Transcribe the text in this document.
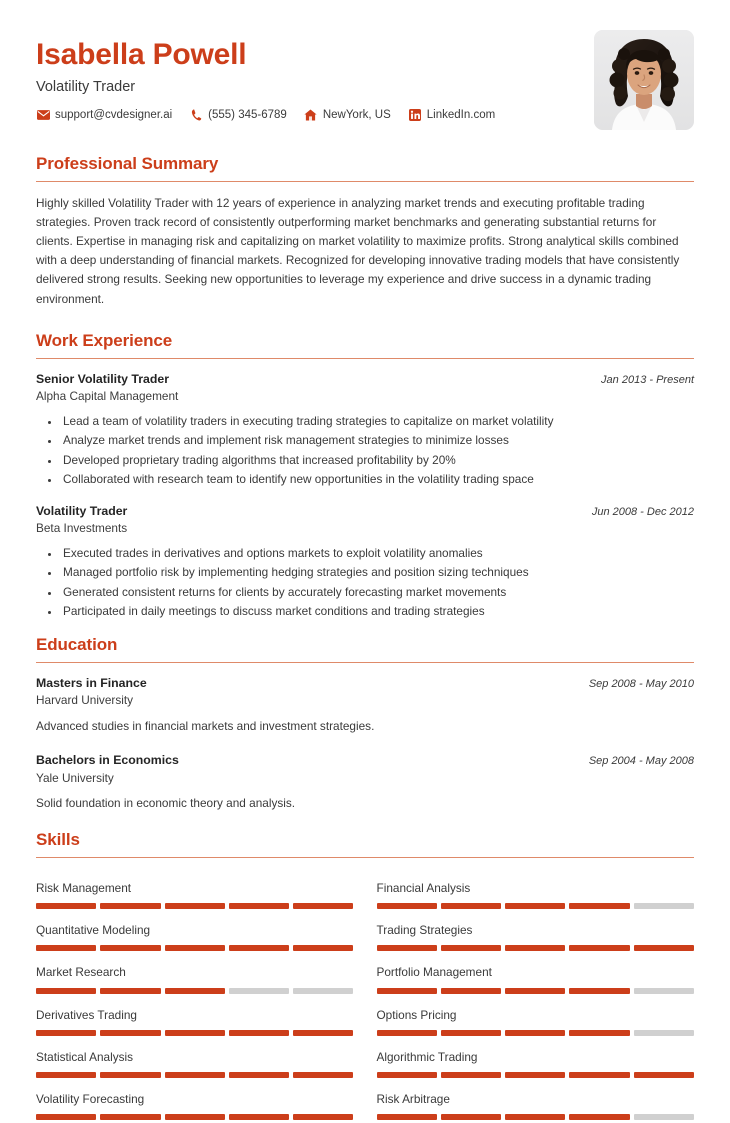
Isabella Powell
Volatility Trader
support@cvdesigner.ai	(555) 345-6789	NewYork, US	LinkedIn.com
Professional Summary

Highly skilled Volatility Trader with 12 years of experience in analyzing market trends and executing profitable trading strategies. Proven track record of consistently outperforming market benchmarks and generating substantial returns for clients. Expertise in managing risk and capitalizing on market volatility to maximize profits. Strong analytical skills combined with a deep understanding of financial markets. Recognized for developing innovative trading models that have consistently delivered strong results. Seeking new opportunities to leverage my experience and drive success in a dynamic trading environment.

Work Experience
Senior Volatility Trader	Jan 2013 - Present
Alpha Capital Management
• Lead a team of volatility traders in executing trading strategies to capitalize on market volatility
• Analyze market trends and implement risk management strategies to minimize losses
• Developed proprietary trading algorithms that increased profitability by 20%
• Collaborated with research team to identify new opportunities in the volatility trading space
Volatility Trader	Jun 2008 - Dec 2012
Beta Investments
• Executed trades in derivatives and options markets to exploit volatility anomalies
• Managed portfolio risk by implementing hedging strategies and position sizing techniques
• Generated consistent returns for clients by accurately forecasting market movements
• Participated in daily meetings to discuss market conditions and trading strategies
Education
Masters in Finance	Sep 2008 - May 2010
Harvard University
Advanced studies in financial markets and investment strategies.
Bachelors in Economics	Sep 2004 - May 2008
Yale University
Solid foundation in economic theory and analysis.
Skills
Risk Management	Financial Analysis
Quantitative Modeling	Trading Strategies
Market Research	Portfolio Management
Derivatives Trading	Options Pricing
Statistical Analysis	Algorithmic Trading
Volatility Forecasting	Risk Arbitrage
